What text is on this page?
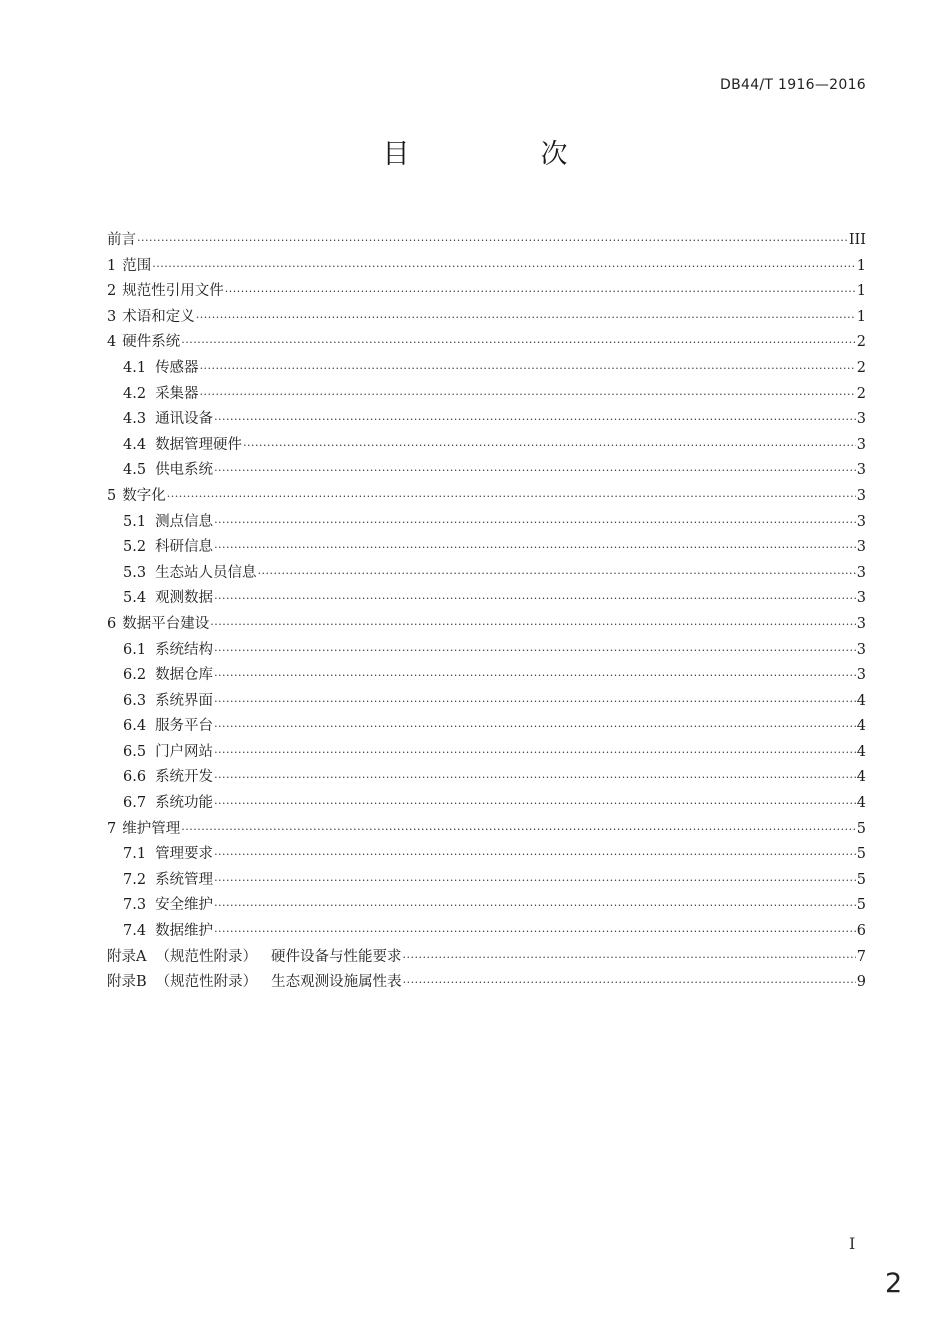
DB44/T 1916—2016
目　次
前言 ·····	III
1 范围 ·····	1
2 规范性引用文件 ·····	1
3 术语和定义 ·····	1
4 硬件系统 ·····	2
4.1 传感器 ·····	2
4.2 采集器 ·····	2
4.3 通讯设备 ·····	3
4.4 数据管理硬件 ·····	3
4.5 供电系统 ·····	3
5 数字化 ·····	3
5.1 测点信息 ·····	3
5.2 科研信息 ·····	3
5.3 生态站人员信息 ·····	3
5.4 观测数据 ·····	3
6 数据平台建设 ·····	3
6.1 系统结构 ·····	3
6.2 数据仓库 ·····	3
6.3 系统界面 ·····	4
6.4 服务平台 ·····	4
6.5 门户网站 ·····	4
6.6 系统开发 ·····	4
6.7 系统功能 ·····	4
7 维护管理 ·····	5
7.1 管理要求 ·····	5
7.2 系统管理 ·····	5
7.3 安全维护 ·····	5
7.4 数据维护 ·····	6
附录A （规范性附录） 硬件设备与性能要求 ·····	7
附录B （规范性附录） 生态观测设施属性表 ·····	9
I
2
